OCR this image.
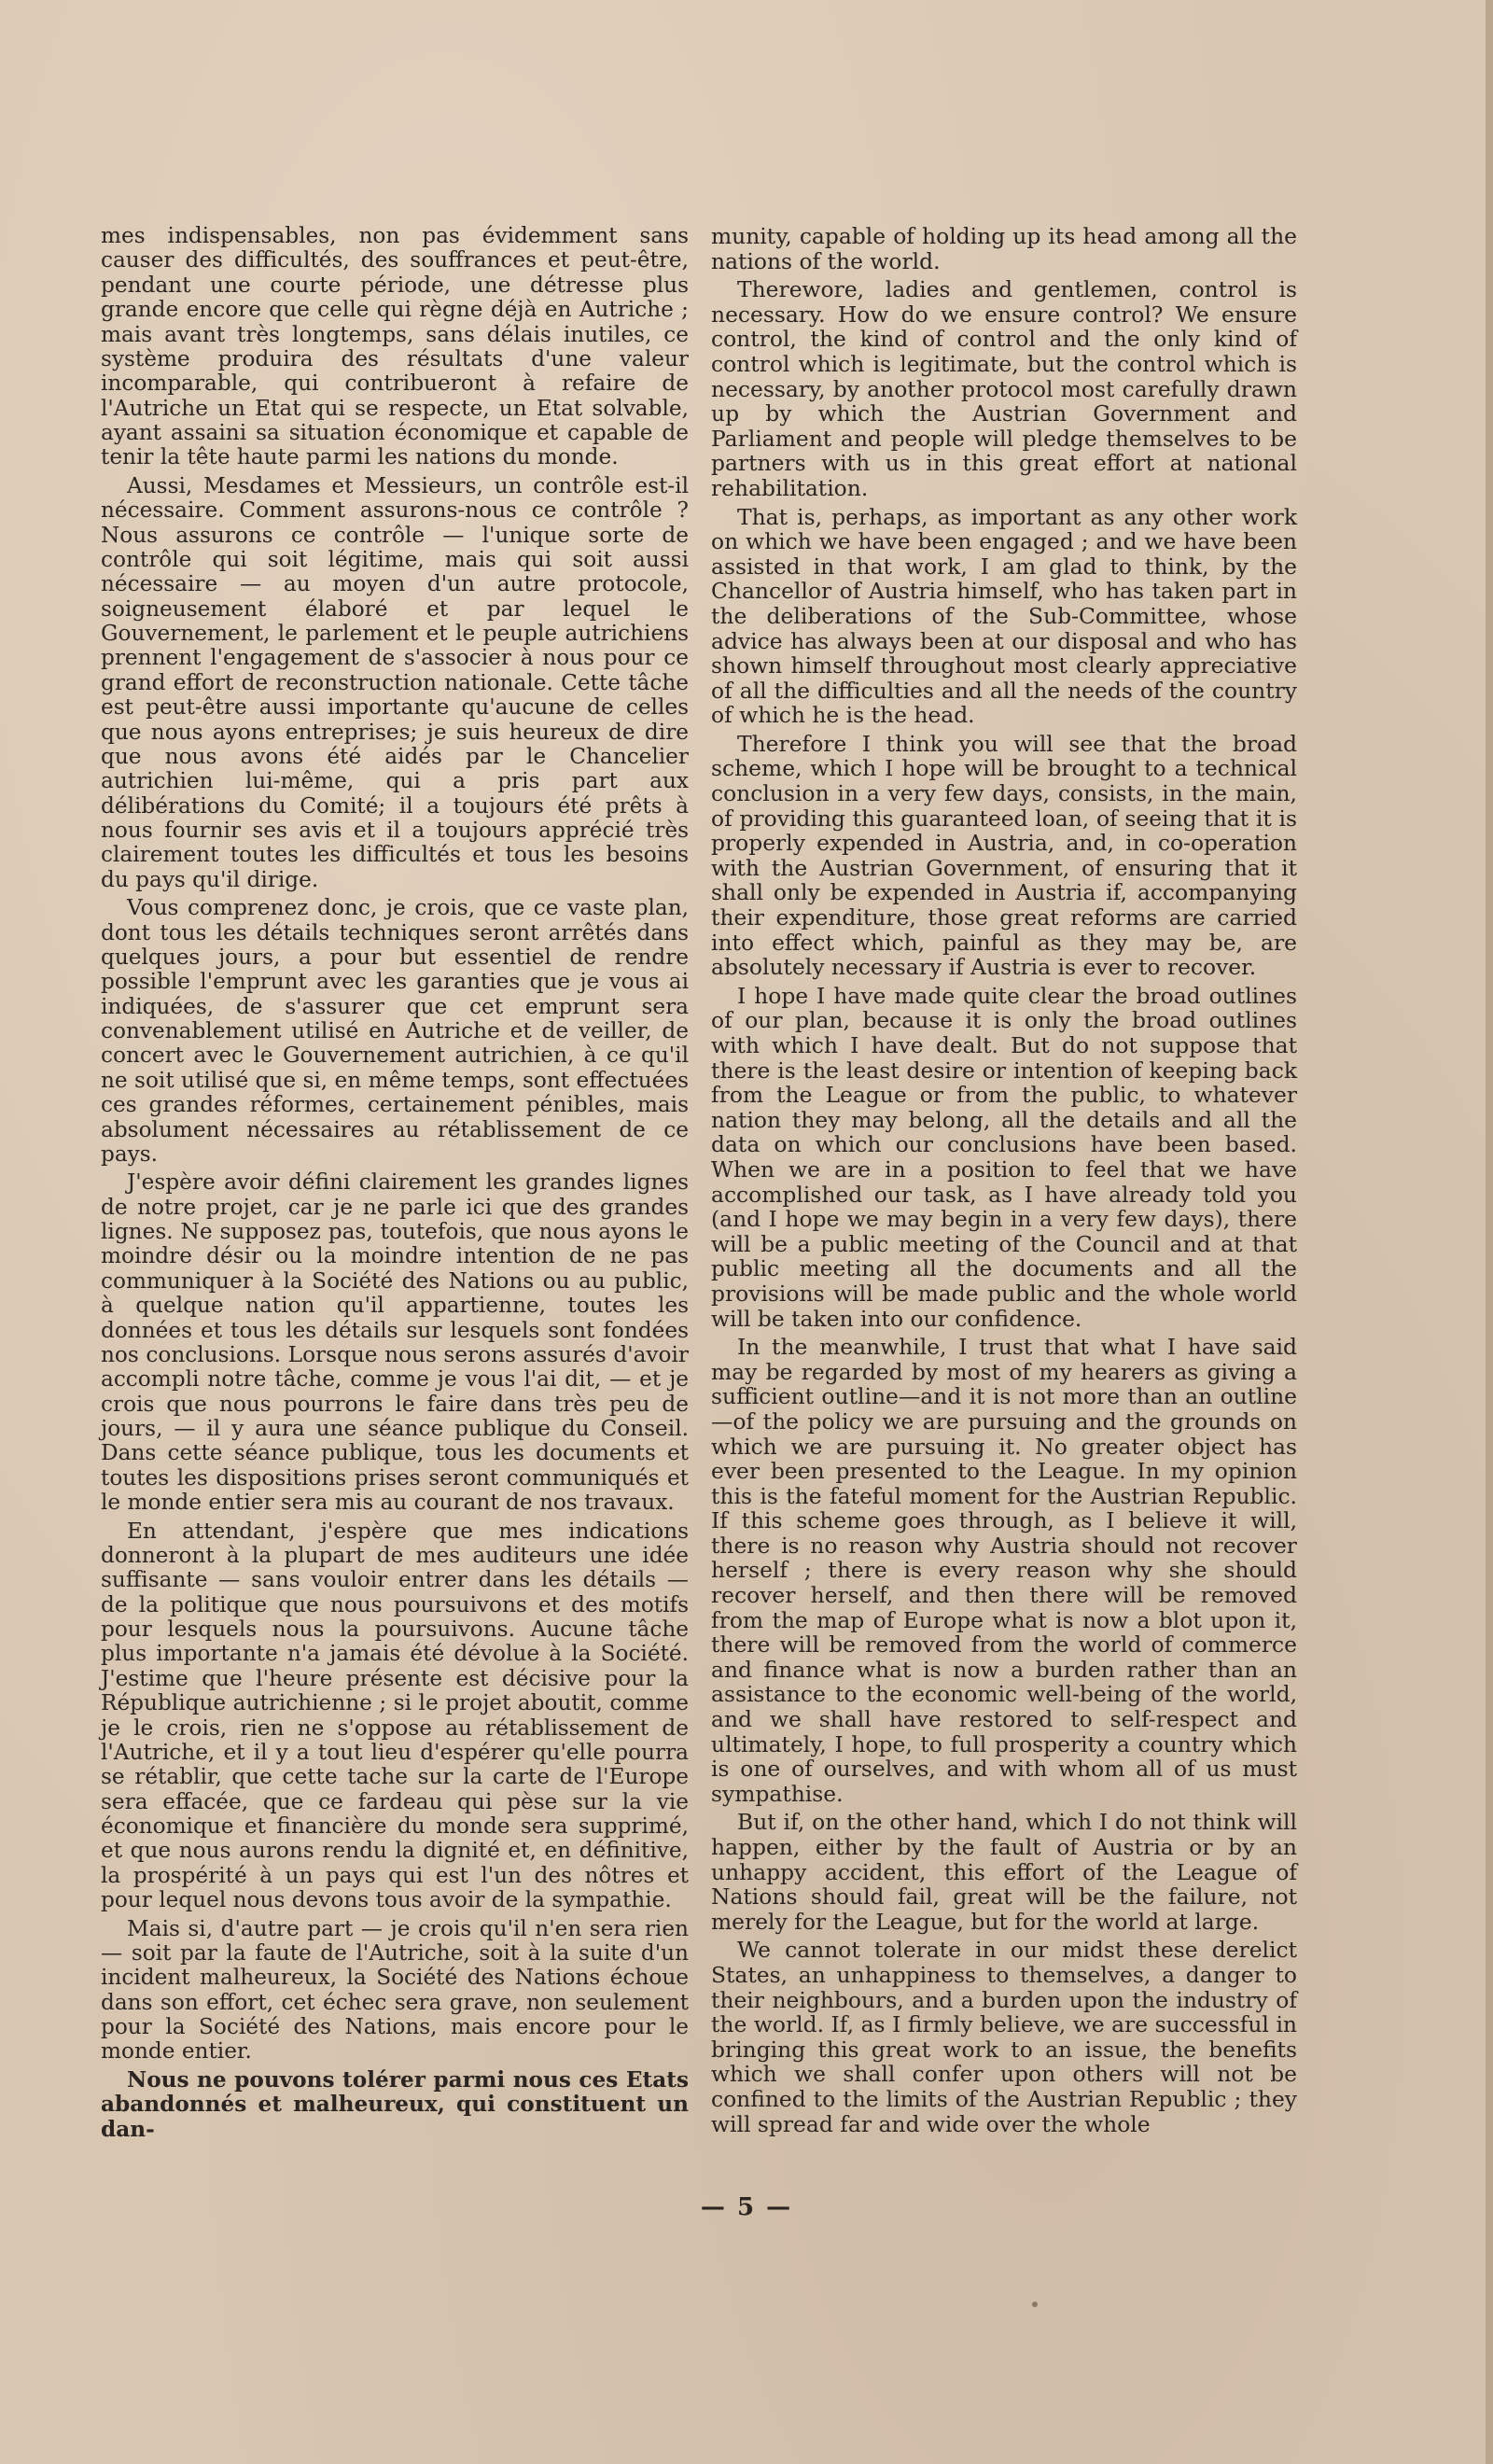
mes indispensables, non pas évidemment sans causer des difficultés, des souffrances et peut-être, pendant une courte période, une détresse plus grande encore que celle qui règne déjà en Autriche ; mais avant très longtemps, sans délais inutiles, ce système produira des résultats d'une valeur incomparable, qui contribueront à refaire de l'Autriche un Etat qui se respecte, un Etat solvable, ayant assaini sa situation économique et capable de tenir la tête haute parmi les nations du monde.

Aussi, Mesdames et Messieurs, un contrôle est-il nécessaire. Comment assurons-nous ce contrôle ? Nous assurons ce contrôle — l'unique sorte de contrôle qui soit légitime, mais qui soit aussi nécessaire — au moyen d'un autre protocole, soigneusement élaboré et par lequel le Gouvernement, le parlement et le peuple autrichiens prennent l'engagement de s'associer à nous pour ce grand effort de reconstruction nationale. Cette tâche est peut-être aussi importante qu'aucune de celles que nous ayons entreprises; je suis heureux de dire que nous avons été aidés par le Chancelier autrichien lui-même, qui a pris part aux délibérations du Comité; il a toujours été prêts à nous fournir ses avis et il a toujours apprécié très clairement toutes les difficultés et tous les besoins du pays qu'il dirige.

Vous comprenez donc, je crois, que ce vaste plan, dont tous les détails techniques seront arrêtés dans quelques jours, a pour but essentiel de rendre possible l'emprunt avec les garanties que je vous ai indiquées, de s'assurer que cet emprunt sera convenablement utilisé en Autriche et de veiller, de concert avec le Gouvernement autrichien, à ce qu'il ne soit utilisé que si, en même temps, sont effectuées ces grandes réformes, certainement pénibles, mais absolument nécessaires au rétablissement de ce pays.

J'espère avoir défini clairement les grandes lignes de notre projet, car je ne parle ici que des grandes lignes. Ne supposez pas, toutefois, que nous ayons le moindre désir ou la moindre intention de ne pas communiquer à la Société des Nations ou au public, à quelque nation qu'il appartienne, toutes les données et tous les détails sur lesquels sont fondées nos conclusions. Lorsque nous serons assurés d'avoir accompli notre tâche, comme je vous l'ai dit, — et je crois que nous pourrons le faire dans très peu de jours, — il y aura une séance publique du Conseil. Dans cette séance publique, tous les documents et toutes les dispositions prises seront communiqués et le monde entier sera mis au courant de nos travaux.

En attendant, j'espère que mes indications donneront à la plupart de mes auditeurs une idée suffisante — sans vouloir entrer dans les détails — de la politique que nous poursuivons et des motifs pour lesquels nous la poursuivons. Aucune tâche plus importante n'a jamais été dévolue à la Société. J'estime que l'heure présente est décisive pour la République autrichienne ; si le projet aboutit, comme je le crois, rien ne s'oppose au rétablissement de l'Autriche, et il y a tout lieu d'espérer qu'elle pourra se rétablir, que cette tache sur la carte de l'Europe sera effacée, que ce fardeau qui pèse sur la vie économique et financière du monde sera supprimé, et que nous aurons rendu la dignité et, en définitive, la prospérité à un pays qui est l'un des nôtres et pour lequel nous devons tous avoir de la sympathie.

Mais si, d'autre part — je crois qu'il n'en sera rien — soit par la faute de l'Autriche, soit à la suite d'un incident malheureux, la Société des Nations échoue dans son effort, cet échec sera grave, non seulement pour la Société des Nations, mais encore pour le monde entier.

Nous ne pouvons tolérer parmi nous ces Etats abandonnés et malheureux, qui constituent un dan-

munity, capable of holding up its head among all the nations of the world.

Therewore, ladies and gentlemen, control is necessary. How do we ensure control? We ensure control, the kind of control and the only kind of control which is legitimate, but the control which is necessary, by another protocol most carefully drawn up by which the Austrian Government and Parliament and people will pledge themselves to be partners with us in this great effort at national rehabilitation.

That is, perhaps, as important as any other work on which we have been engaged ; and we have been assisted in that work, I am glad to think, by the Chancellor of Austria himself, who has taken part in the deliberations of the Sub-Committee, whose advice has always been at our disposal and who has shown himself throughout most clearly appreciative of all the difficulties and all the needs of the country of which he is the head.

Therefore I think you will see that the broad scheme, which I hope will be brought to a technical conclusion in a very few days, consists, in the main, of providing this guaranteed loan, of seeing that it is properly expended in Austria, and, in co-operation with the Austrian Government, of ensuring that it shall only be expended in Austria if, accompanying their expenditure, those great reforms are carried into effect which, painful as they may be, are absolutely necessary if Austria is ever to recover.

I hope I have made quite clear the broad outlines of our plan, because it is only the broad outlines with which I have dealt. But do not suppose that there is the least desire or intention of keeping back from the League or from the public, to whatever nation they may belong, all the details and all the data on which our conclusions have been based. When we are in a position to feel that we have accomplished our task, as I have already told you (and I hope we may begin in a very few days), there will be a public meeting of the Council and at that public meeting all the documents and all the provisions will be made public and the whole world will be taken into our confidence.

In the meanwhile, I trust that what I have said may be regarded by most of my hearers as giving a sufficient outline—and it is not more than an outline—of the policy we are pursuing and the grounds on which we are pursuing it. No greater object has ever been presented to the League. In my opinion this is the fateful moment for the Austrian Republic. If this scheme goes through, as I believe it will, there is no reason why Austria should not recover herself ; there is every reason why she should recover herself, and then there will be removed from the map of Europe what is now a blot upon it, there will be removed from the world of commerce and finance what is now a burden rather than an assistance to the economic well-being of the world, and we shall have restored to self-respect and ultimately, I hope, to full prosperity a country which is one of ourselves, and with whom all of us must sympathise.

But if, on the other hand, which I do not think will happen, either by the fault of Austria or by an unhappy accident, this effort of the League of Nations should fail, great will be the failure, not merely for the League, but for the world at large.

We cannot tolerate in our midst these derelict States, an unhappiness to themselves, a danger to their neighbours, and a burden upon the industry of the world. If, as I firmly believe, we are successful in bringing this great work to an issue, the benefits which we shall confer upon others will not be confined to the limits of the Austrian Republic ; they will spread far and wide over the whole

— 5 —
